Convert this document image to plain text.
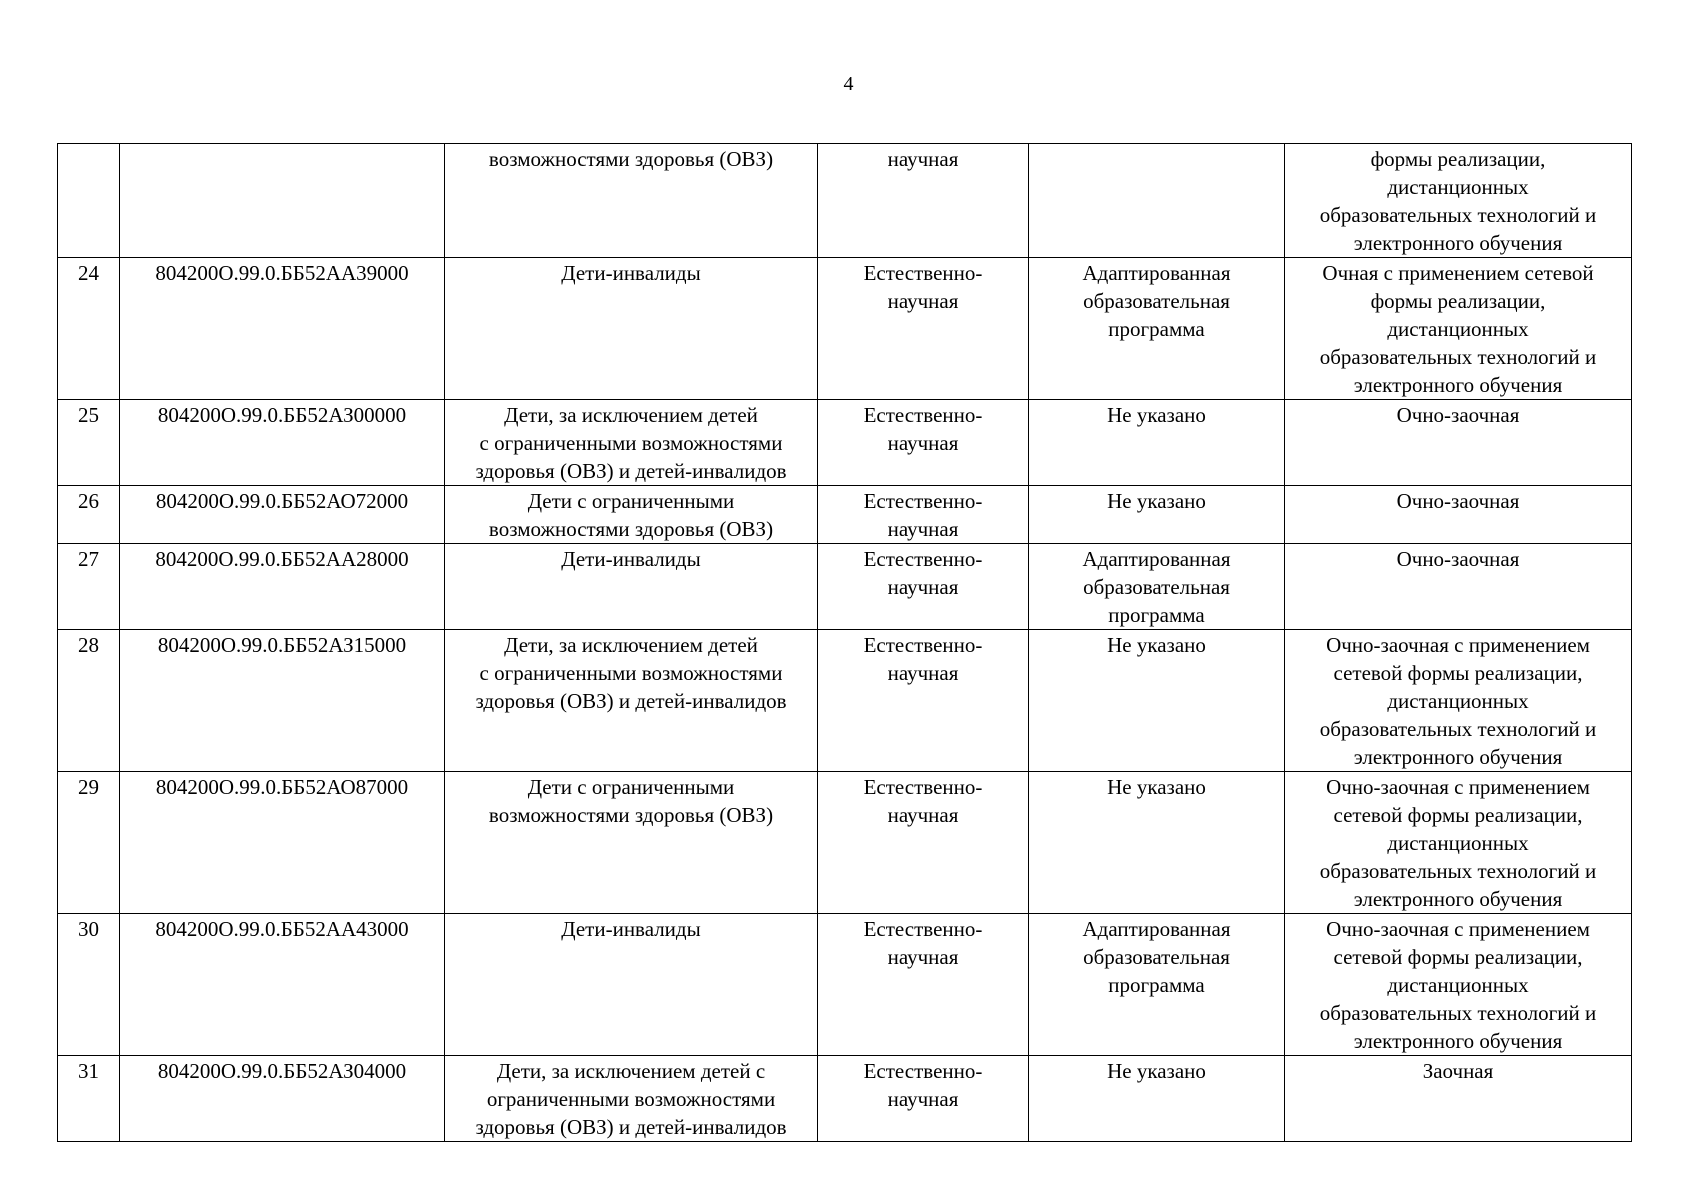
4
		возможностями здоровья (ОВЗ)	научная		формы реализации,
дистанционных
образовательных технологий и
электронного обучения
24	804200О.99.0.ББ52АА39000	Дети-инвалиды	Естественно-
научная	Адаптированная
образовательная
программа	Очная с применением сетевой
формы реализации,
дистанционных
образовательных технологий и
электронного обучения
25	804200О.99.0.ББ52АЗ00000	Дети, за исключением детей
с ограниченными возможностями
здоровья (ОВЗ) и детей-инвалидов	Естественно-
научная	Не указано	Очно-заочная
26	804200О.99.0.ББ52АО72000	Дети с ограниченными
возможностями здоровья (ОВЗ)	Естественно-
научная	Не указано	Очно-заочная
27	804200О.99.0.ББ52АА28000	Дети-инвалиды	Естественно-
научная	Адаптированная
образовательная
программа	Очно-заочная
28	804200О.99.0.ББ52АЗ15000	Дети, за исключением детей
с ограниченными возможностями
здоровья (ОВЗ) и детей-инвалидов	Естественно-
научная	Не указано	Очно-заочная с применением
сетевой формы реализации,
дистанционных
образовательных технологий и
электронного обучения
29	804200О.99.0.ББ52АО87000	Дети с ограниченными
возможностями здоровья (ОВЗ)	Естественно-
научная	Не указано	Очно-заочная с применением
сетевой формы реализации,
дистанционных
образовательных технологий и
электронного обучения
30	804200О.99.0.ББ52АА43000	Дети-инвалиды	Естественно-
научная	Адаптированная
образовательная
программа	Очно-заочная с применением
сетевой формы реализации,
дистанционных
образовательных технологий и
электронного обучения
31	804200О.99.0.ББ52АЗ04000	Дети, за исключением детей с
ограниченными возможностями
здоровья (ОВЗ) и детей-инвалидов	Естественно-
научная	Не указано	Заочная
